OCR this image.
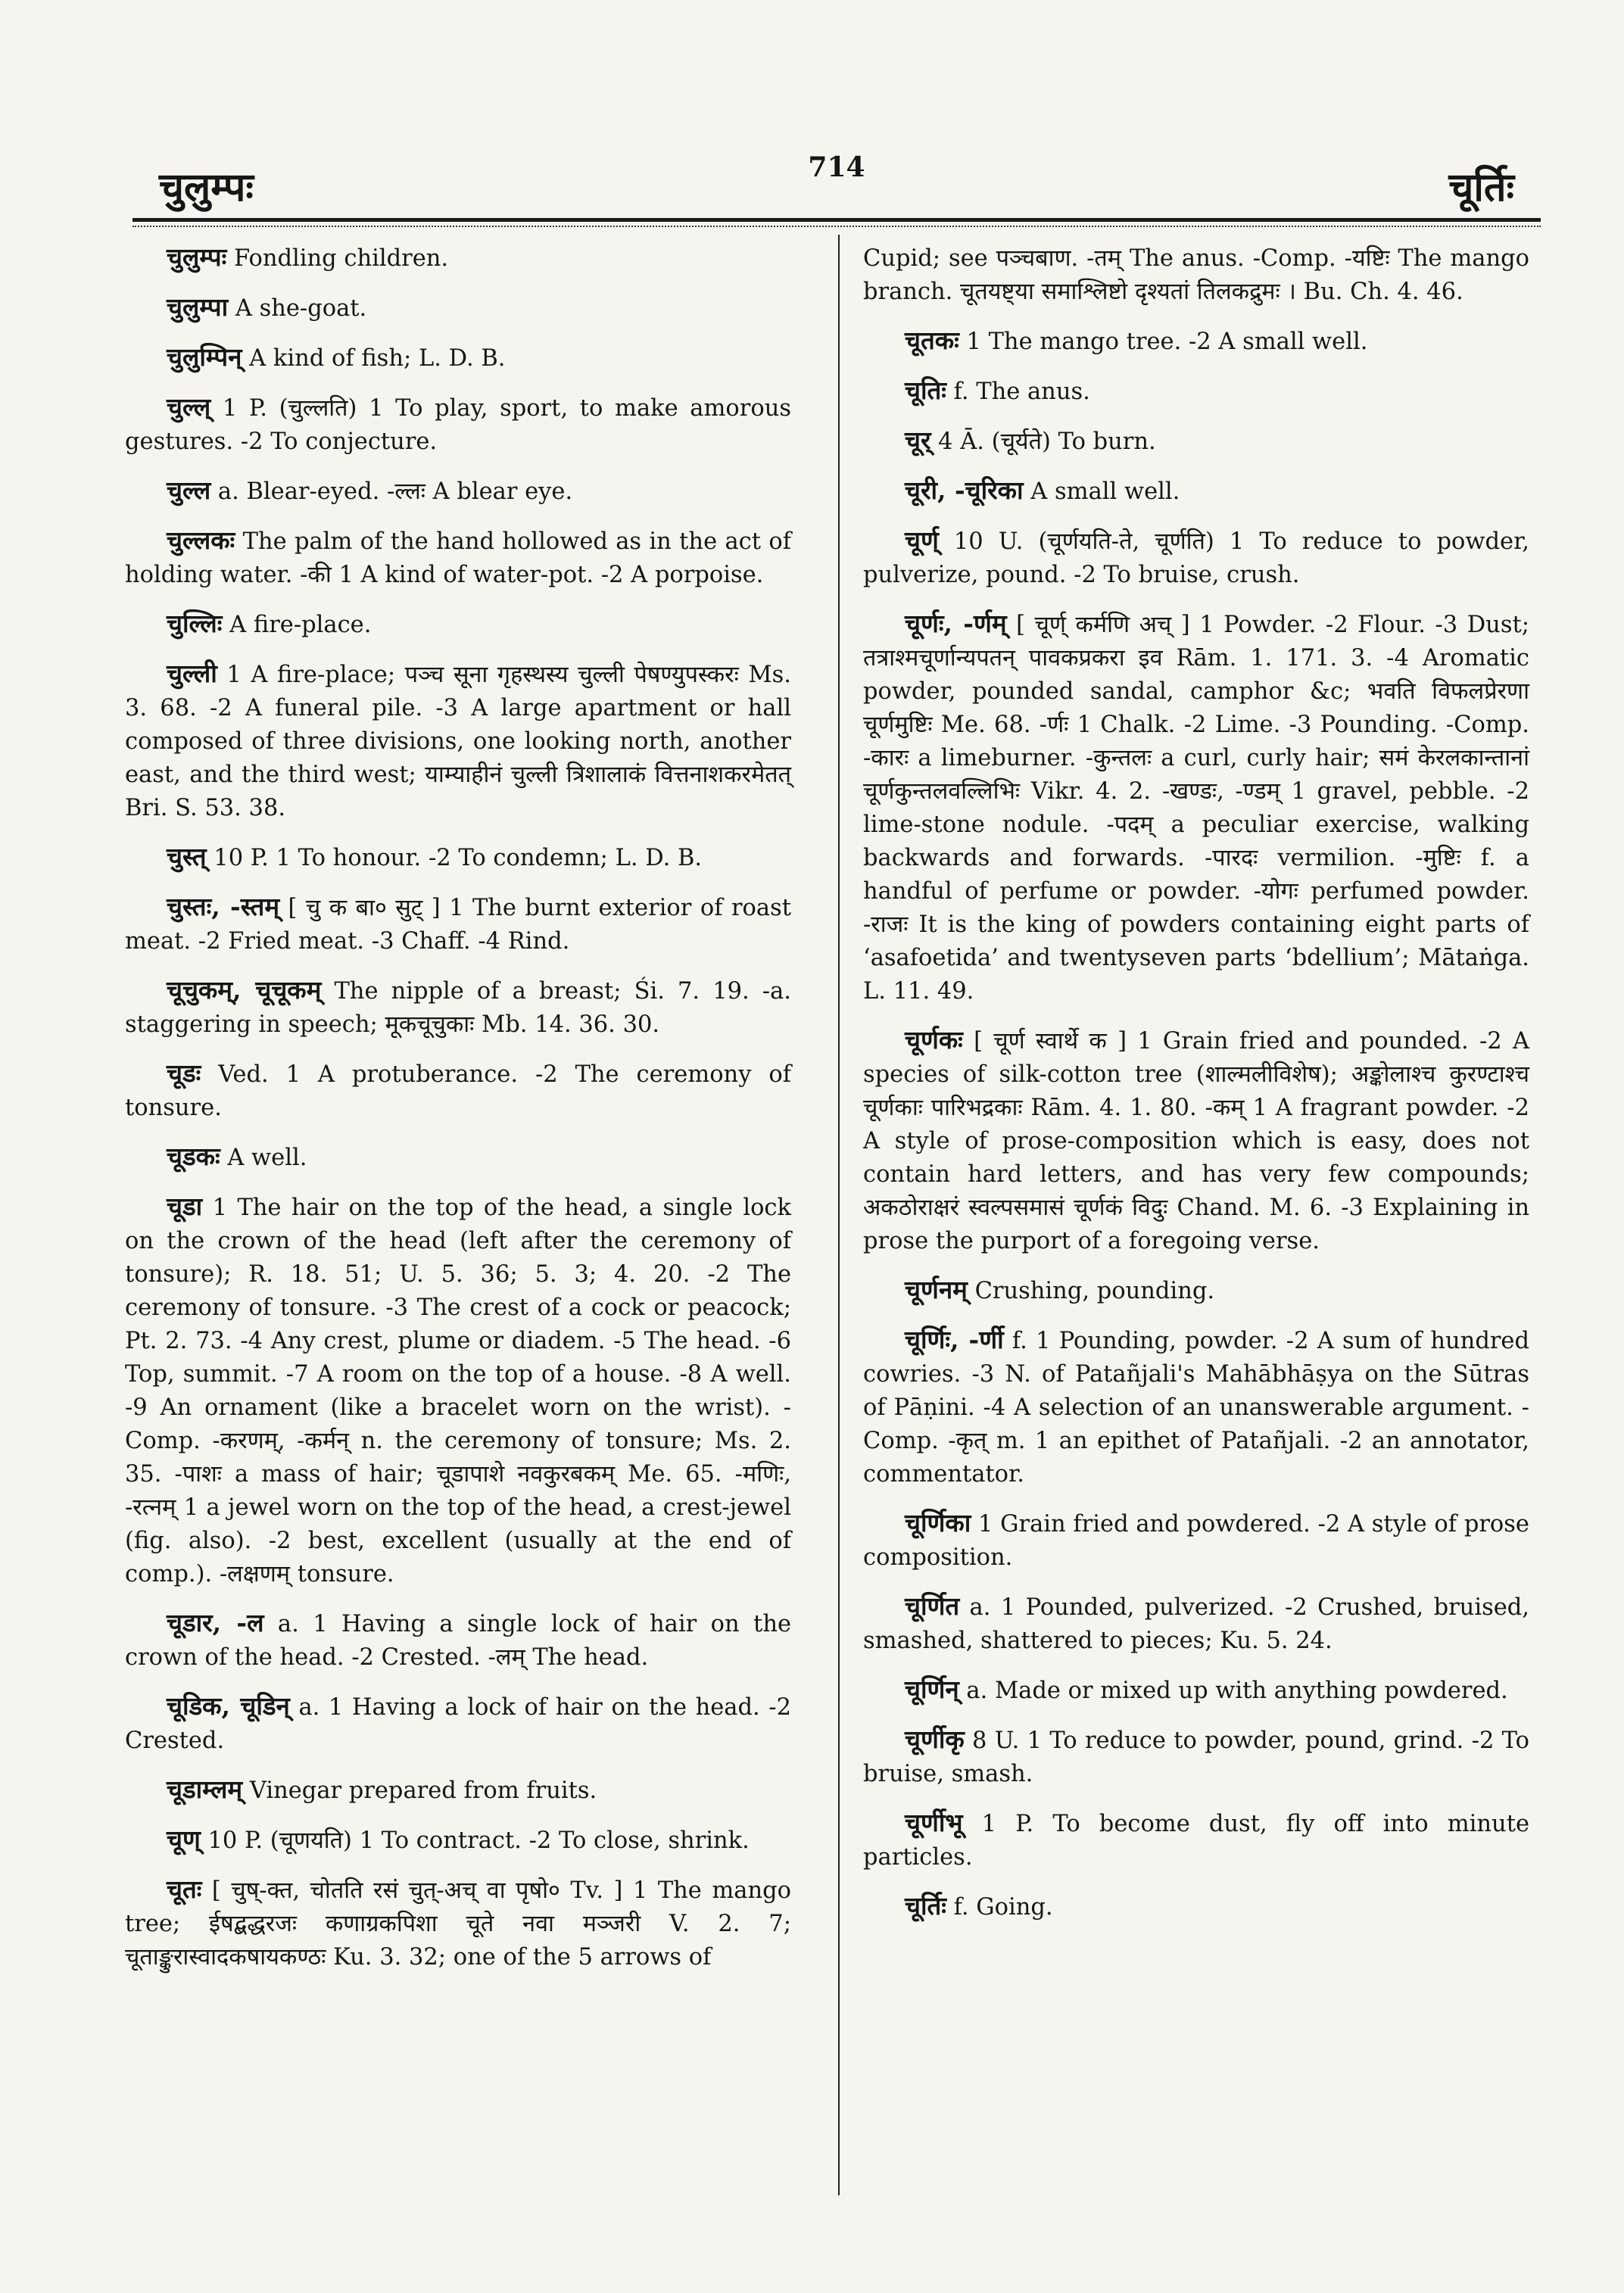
चुलुम्पः	714	चूर्तिः

चुलुम्पः Fondling children.

चुलुम्पा A she-goat.

चुलुम्पिन् A kind of fish; L. D. B.

चुल्ल् 1 P. (चुल्लति) 1 To play, sport, to make amorous gestures. -2 To conjecture.

चुल्ल a. Blear-eyed. -ल्लः A blear eye.

चुल्लकः The palm of the hand hollowed as in the act of holding water. -की 1 A kind of water-pot. -2 A porpoise.

चुल्लिः A fire-place.

चुल्ली 1 A fire-place; पञ्च सूना गृहस्थस्य चुल्ली पेषण्युपस्करः Ms. 3. 68. -2 A funeral pile. -3 A large apartment or hall composed of three divisions, one looking north, another east, and the third west; याम्याहीनं चुल्ली त्रिशालाकं वित्तनाशकरमेतत् Bri. S. 53. 38.

चुस्त् 10 P. 1 To honour. -2 To condemn; L. D. B.

चुस्तः, -स्तम् [ चु क बा० सुट् ] 1 The burnt exterior of roast meat. -2 Fried meat. -3 Chaff. -4 Rind.

चूचुकम्, चूचूकम् The nipple of a breast; Śi. 7. 19. -a. staggering in speech; मूकचूचुकाः Mb. 14. 36. 30.

चूडः Ved. 1 A protuberance. -2 The ceremony of tonsure.

चूडकः A well.

चूडा 1 The hair on the top of the head, a single lock on the crown of the head (left after the ceremony of tonsure); R. 18. 51; U. 5. 36; 5. 3; 4. 20. -2 The ceremony of tonsure. -3 The crest of a cock or peacock; Pt. 2. 73. -4 Any crest, plume or diadem. -5 The head. -6 Top, summit. -7 A room on the top of a house. -8 A well. -9 An ornament (like a bracelet worn on the wrist). -Comp. -करणम्, -कर्मन् n. the ceremony of tonsure; Ms. 2. 35. -पाशः a mass of hair; चूडापाशे नवकुरबकम् Me. 65. -मणिः, -रत्नम् 1 a jewel worn on the top of the head, a crest-jewel (fig. also). -2 best, excellent (usually at the end of comp.). -लक्षणम् tonsure.

चूडार, -ल a. 1 Having a single lock of hair on the crown of the head. -2 Crested. -लम् The head.

चूडिक, चूडिन् a. 1 Having a lock of hair on the head. -2 Crested.

चूडाम्लम् Vinegar prepared from fruits.

चूण् 10 P. (चूणयति) 1 To contract. -2 To close, shrink.

चूतः [ चुष्-क्त, चोतति रसं चुत्-अच् वा पृषो० Tv. ] 1 The mango tree; ईषद्बद्धरजः कणाग्रकपिशा चूते नवा मञ्जरी V. 2. 7; चूताङ्कुरास्वादकषायकण्ठः Ku. 3. 32; one of the 5 arrows of

Cupid; see पञ्चबाण. -तम् The anus. -Comp. -यष्टिः The mango branch. चूतयष्ट्या समाश्लिष्टो दृश्यतां तिलकद्रुमः । Bu. Ch. 4. 46.

चूतकः 1 The mango tree. -2 A small well.

चूतिः f. The anus.

चूर् 4 Ā. (चूर्यते) To burn.

चूरी, -चूरिका A small well.

चूर्ण् 10 U. (चूर्णयति-ते, चूर्णति) 1 To reduce to powder, pulverize, pound. -2 To bruise, crush.

चूर्णः, -र्णम् [ चूर्ण् कर्मणि अच् ] 1 Powder. -2 Flour. -3 Dust; तत्राश्मचूर्णान्यपतन् पावकप्रकरा इव Rām. 1. 171. 3. -4 Aromatic powder, pounded sandal, camphor &c; भवति विफलप्रेरणा चूर्णमुष्टिः Me. 68. -र्णः 1 Chalk. -2 Lime. -3 Pounding. -Comp. -कारः a limeburner. -कुन्तलः a curl, curly hair; समं केरलकान्तानां चूर्णकुन्तलवल्लिभिः Vikr. 4. 2. -खण्डः, -ण्डम् 1 gravel, pebble. -2 lime-stone nodule. -पदम् a peculiar exercise, walking backwards and forwards. -पारदः vermilion. -मुष्टिः f. a handful of perfume or powder. -योगः perfumed powder. -राजः It is the king of powders containing eight parts of ‘asafoetida’ and twentyseven parts ‘bdellium’; Mātaṅga. L. 11. 49.

चूर्णकः [ चूर्ण स्वार्थे क ] 1 Grain fried and pounded. -2 A species of silk-cotton tree (शाल्मलीविशेष); अङ्कोलाश्च कुरण्टाश्च चूर्णकाः पारिभद्रकाः Rām. 4. 1. 80. -कम् 1 A fragrant powder. -2 A style of prose-composition which is easy, does not contain hard letters, and has very few compounds; अकठोराक्षरं स्वल्पसमासं चूर्णकं विदुः Chand. M. 6. -3 Explaining in prose the purport of a foregoing verse.

चूर्णनम् Crushing, pounding.

चूर्णिः, -र्णी f. 1 Pounding, powder. -2 A sum of hundred cowries. -3 N. of Patañjali's Mahābhāṣya on the Sūtras of Pāṇini. -4 A selection of an unanswerable argument. -Comp. -कृत् m. 1 an epithet of Patañjali. -2 an annotator, commentator.

चूर्णिका 1 Grain fried and powdered. -2 A style of prose composition.

चूर्णित a. 1 Pounded, pulverized. -2 Crushed, bruised, smashed, shattered to pieces; Ku. 5. 24.

चूर्णिन् a. Made or mixed up with anything powdered.

चूर्णीकृ 8 U. 1 To reduce to powder, pound, grind. -2 To bruise, smash.

चूर्णीभू 1 P. To become dust, fly off into minute particles.

चूर्तिः f. Going.
